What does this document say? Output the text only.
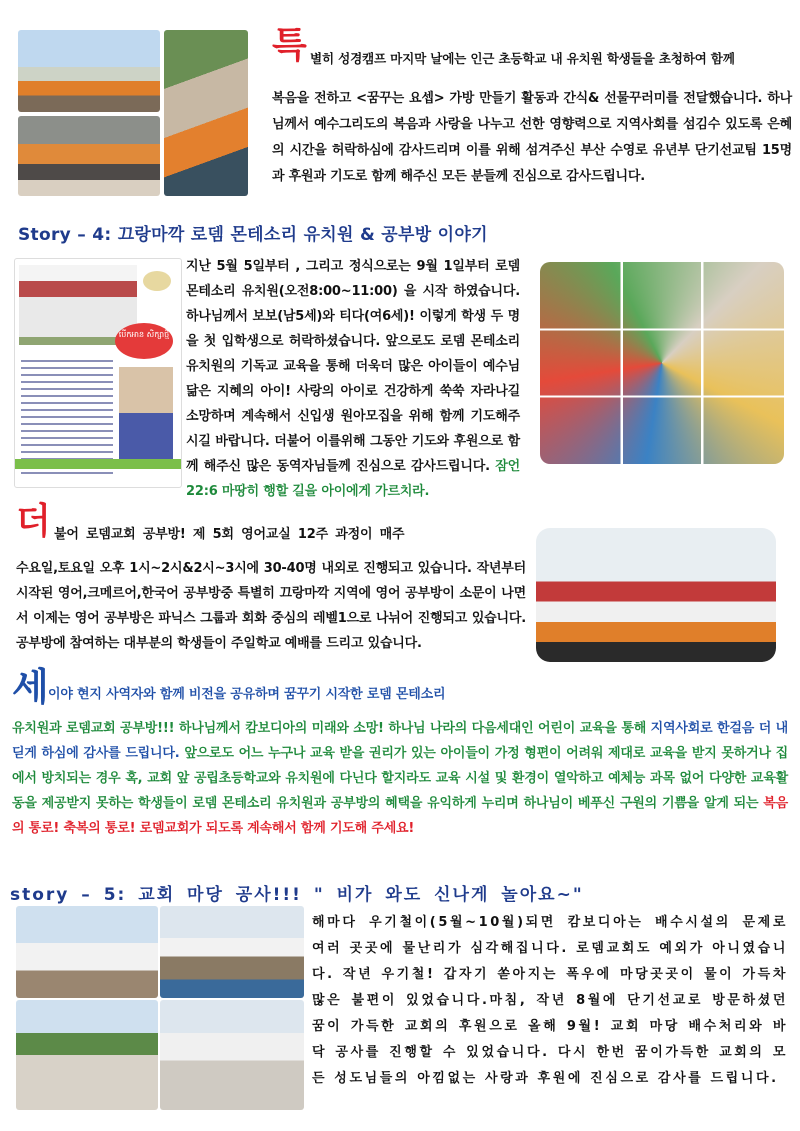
특 별히 성경캠프 마지막 날에는 인근 초등학교 내 유치원 학생들을 초청하여 함께
복음을 전하고 <꿈꾸는 요셉> 가방 만들기 활동과 간식& 선물꾸러미를 전달했습니다. 하나님께서 예수그리도의 복음과 사랑을 나누고 선한 영향력으로 지역사회를 섬김수 있도록 은혜의 시간을 허락하심에 감사드리며 이를 위해 섬겨주신 부산 수영로 유년부 단기선교팀 15명과 후원과 기도로 함께 해주신 모든 분들께 진심으로 감사드립니다.
Story – 4: 끄랑마깍 로뎀 몬테소리 유치원 & 공부방 이야기
បើកអាន សិក្សាថ្មី
지난 5월 5일부터 , 그리고 정식으로는 9월 1일부터 로뎀 몬테소리 유치원(오전8:00~11:00) 을 시작 하였습니다. 하나님께서 보보(남5세)와 티다(여6세)! 이렇게 학생 두 명을 첫 입학생으로 허락하셨습니다. 앞으로도 로뎀 몬테소리 유치원의 기독교 교육을 통해 더욱더 많은 아이들이 예수님 닮은 지혜의 아이! 사랑의 아이로 건강하게 쑥쑥 자라나길 소망하며 계속해서 신입생 원아모집을 위해 함께 기도해주시길 바랍니다. 더불어 이를위해 그동안 기도와 후원으로 함께 해주신 많은 동역자님들께 진심으로 감사드립니다. 잠언 22:6 마땅히 행할 길을 아이에게 가르치라.
더 불어 로뎀교회 공부방! 제 5회 영어교실 12주 과정이 매주
수요일,토요일 오후 1시~2시&2시~3시에 30-40명 내외로 진행되고 있습니다. 작년부터 시작된 영어,크메르어,한국어 공부방중 특별히 끄랑마깍 지역에 영어 공부방이 소문이 나면서 이제는 영어 공부방은 파닉스 그룹과 회화 중심의 레벨1으로 나뉘어 진행되고 있습니다. 공부방에 참여하는 대부분의 학생들이 주일학교 예배를 드리고 있습니다.
세 이야 현지 사역자와 함께 비전을 공유하며 꿈꾸기 시작한 로뎀 몬테소리
유치원과 로뎀교회 공부방!!! 하나님께서 캄보디아의 미래와 소망! 하나님 나라의 다음세대인 어린이 교육을 통해 지역사회로 한걸음 더 내딛게 하심에 감사를 드립니다. 앞으로도 어느 누구나 교육 받을 권리가 있는 아이들이 가정 형편이 어려워 제대로 교육을 받지 못하거나 집에서 방치되는 경우 혹, 교회 앞 공립초등학교와 유치원에 다닌다 할지라도 교육 시설 및 환경이 열악하고 예체능 과목 없어 다양한 교육활동을 제공받지 못하는 학생들이 로뎀 몬테소리 유치원과 공부방의 혜택을 유익하게 누리며 하나님이 베푸신 구원의 기쁨을 알게 되는 복음의 통로! 축복의 통로! 로뎀교회가 되도록 계속해서 함께 기도해 주세요!
story – 5: 교회 마당 공사!!! " 비가 와도 신나게 놀아요~"
해마다 우기철이(5월~10월)되면 캄보디아는 배수시설의 문제로 여러 곳곳에 물난리가 심각해집니다. 로뎀교회도 예외가 아니였습니다. 작년 우기철! 갑자기 쏟아지는 폭우에 마당곳곳이 물이 가득차 많은 불편이 있었습니다.마침, 작년 8월에 단기선교로 방문하셨던 꿈이 가득한 교회의 후원으로 올해 9월! 교회 마당 배수처리와 바닥 공사를 진행할 수 있었습니다. 다시 한번 꿈이가득한 교회의 모든 성도님들의 아낌없는 사랑과 후원에 진심으로 감사를 드립니다.
